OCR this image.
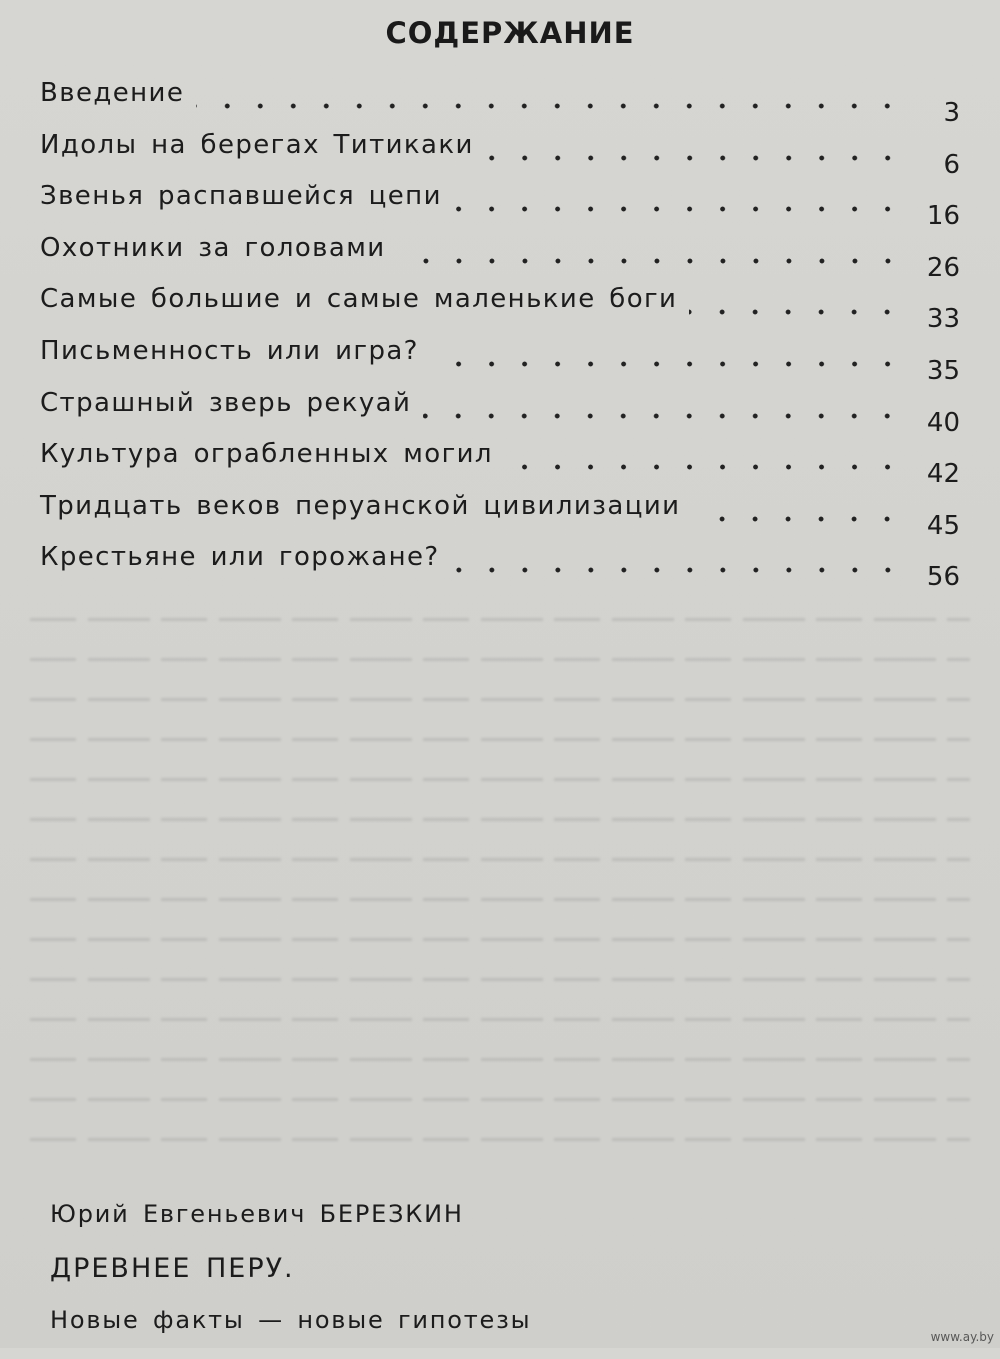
СОДЕРЖАНИЕ
Введение
3
Идолы на берегах Титикаки
6
Звенья распавшейся цепи
16
Охотники за головами
26
Самые большие и самые маленькие боги
33
Письменность или игра?
35
Страшный зверь рекуай
40
Культура ограбленных могил
42
Тридцать веков перуанской цивилизации
45
Крестьяне или горожане?
56
Юрий Евгеньевич БЕРЕЗКИН
ДРЕВНЕЕ ПЕРУ.
Новые факты — новые гипотезы
www.ay.by
